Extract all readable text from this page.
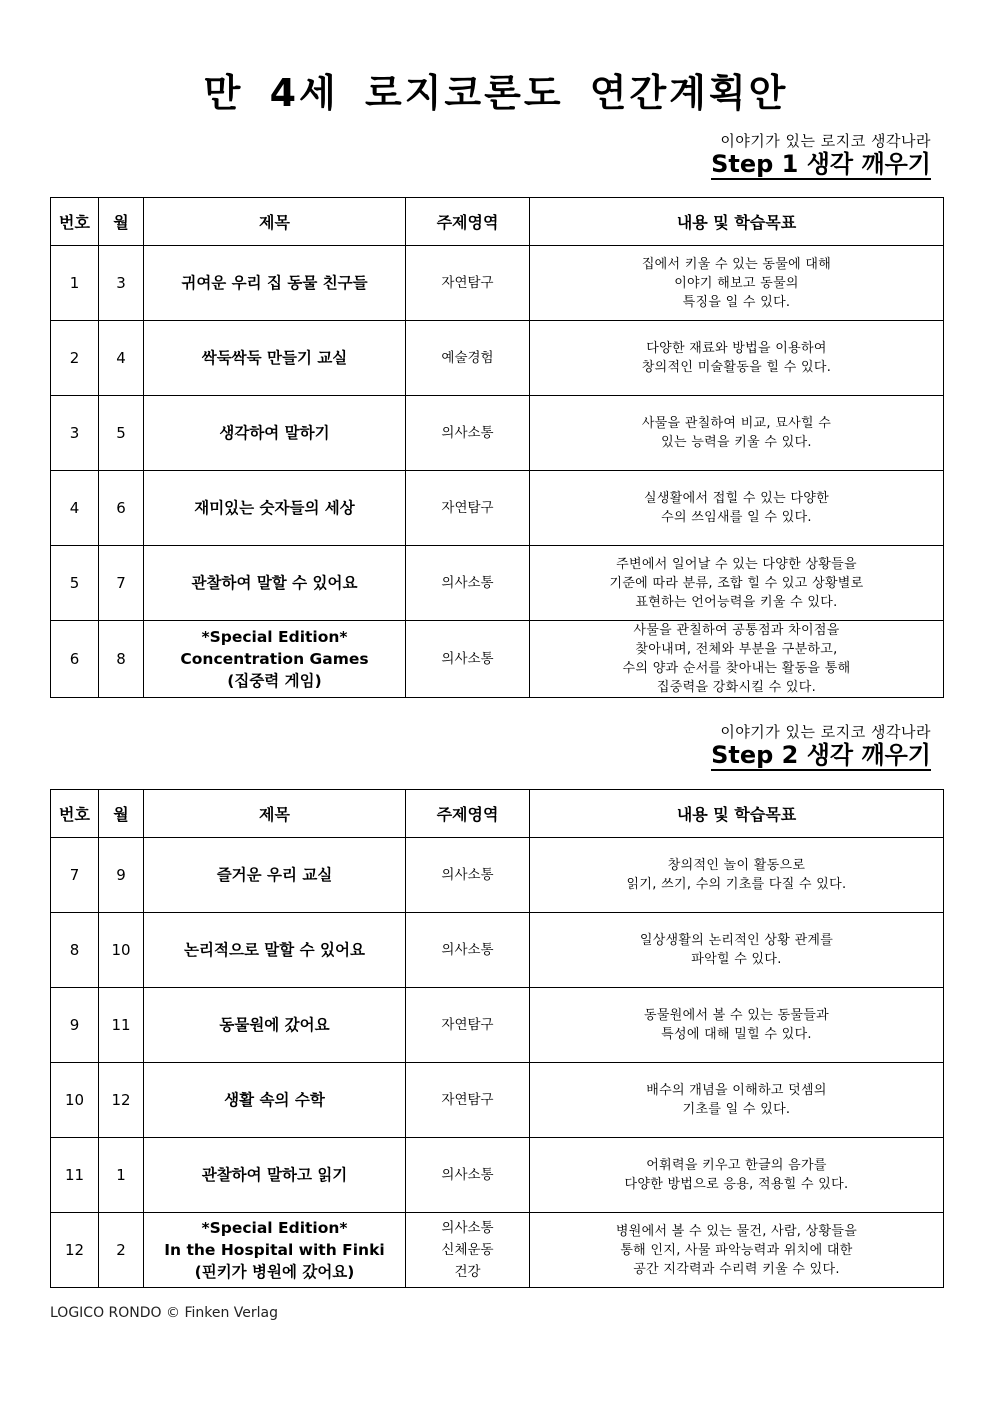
만 4세 로지코론도 연간계획안
이야기가 있는 로지코 생각나라
Step 1 생각 깨우기
번호	월	제목	주제영역	내용 및 학습목표
1	3	귀여운 우리 집 동물 친구들	자연탐구	집에서 키울 수 있는 동물에 대해
이야기 해보고 동물의
특징을 일 수 있다.

2	4	싹둑싹둑 만들기 교실	예술경험	다양한 재료와 방법을 이용하여
창의적인 미술활동을 힐 수 있다.

3	5	생각하여 말하기	의사소통	사물을 관칠하여 비교, 묘사힐 수
있는 능력을 키울 수 있다.

4	6	재미있는 숫자들의 세상	자연탐구	실생활에서 접힐 수 있는 다양한
수의 쓰임새를 일 수 있다.

5	7	관찰하여 말할 수 있어요	의사소통	주변에서 일어날 수 있는 다양한 상황들을
기준에 따라 분류, 조합 힐 수 있고 상황별로
표현하는 언어능력을 키울 수 있다.

6	8	*Special Edition*
Concentration Games
(집중력 게임)	의사소통	사물을 관칠하여 공통점과 차이점을
찾아내며, 전체와 부분을 구분하고,
수의 양과 순서를 찾아내는 활동을 통해
집중력을 강화시킬 수 있다.
이야기가 있는 로지코 생각나라
Step 2 생각 깨우기
번호	월	제목	주제영역	내용 및 학습목표
7	9	즐거운 우리 교실	의사소통	창의적인 놀이 활동으로
읽기, 쓰기, 수의 기초를 다질 수 있다.

8	10	논리적으로 말할 수 있어요	의사소통	일상생활의 논리적인 상황 관계를
파악힐 수 있다.

9	11	동물원에 갔어요	자연탐구	동물원에서 볼 수 있는 동물들과
특성에 대해 밀힐 수 있다.

10	12	생활 속의 수학	자연탐구	배수의 개념을 이해하고 덧셈의
기초를 일 수 있다.

11	1	관찰하여 말하고 읽기	의사소통	어휘력을 키우고 한글의 음가를
다양한 방법으로 응용, 적용힐 수 있다.

12	2	*Special Edition*
In the Hospital with Finki
(핀키가 병원에 갔어요)	의사소통
신체운동
건강	병원에서 볼 수 있는 물건, 사람, 상황들을
통해 인지, 사물 파악능력과 위치에 대한
공간 지각력과 수리력 키울 수 있다.
LOGICO RONDO © Finken Verlag
